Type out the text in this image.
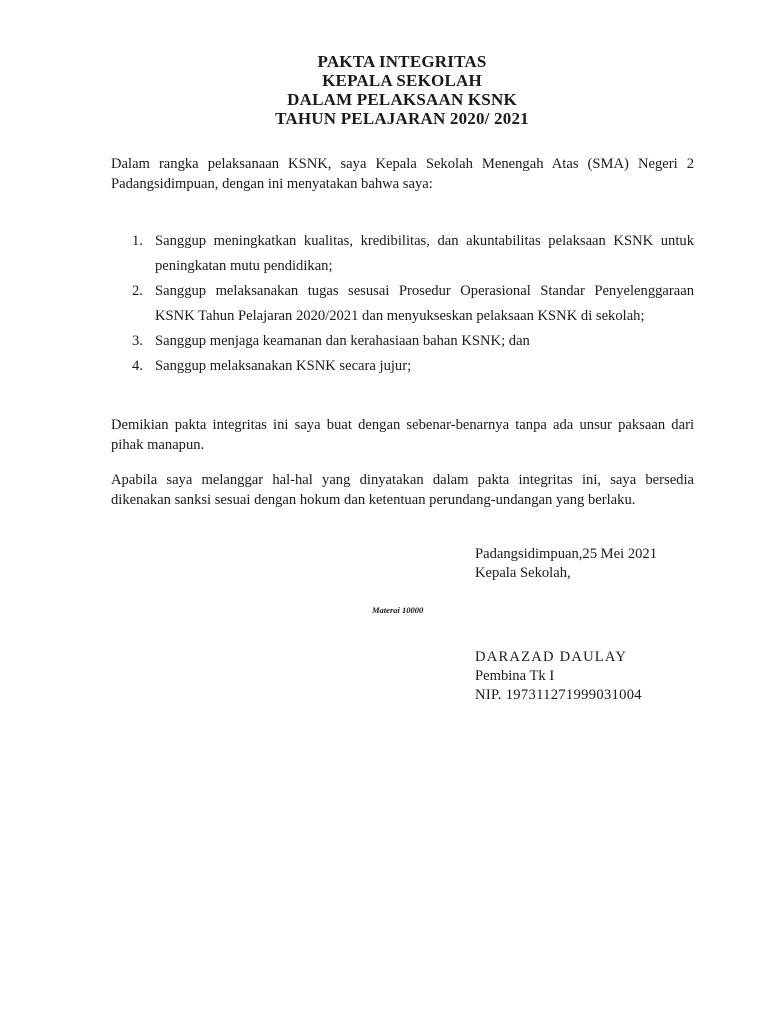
PAKTA INTEGRITAS
KEPALA SEKOLAH
DALAM PELAKSAAN KSNK
TAHUN PELAJARAN 2020/ 2021
Dalam rangka pelaksanaan KSNK, saya Kepala Sekolah Menengah Atas (SMA) Negeri 2 Padangsidimpuan, dengan ini menyatakan bahwa saya:
1. Sanggup meningkatkan kualitas, kredibilitas, dan akuntabilitas pelaksaan KSNK untuk peningkatan mutu pendidikan;
2. Sanggup melaksanakan tugas sesusai Prosedur Operasional Standar Penyelenggaraan KSNK Tahun Pelajaran 2020/2021 dan menyukseskan pelaksaan KSNK di sekolah;
3. Sanggup menjaga keamanan dan kerahasiaan bahan KSNK; dan
4. Sanggup melaksanakan KSNK secara jujur;
Demikian pakta integritas ini saya buat dengan sebenar-benarnya tanpa ada unsur paksaan dari pihak manapun.
Apabila saya melanggar hal-hal yang dinyatakan dalam pakta integritas ini, saya bersedia dikenakan sanksi sesuai dengan hokum dan ketentuan perundang-undangan yang berlaku.
Padangsidimpuan,25 Mei 2021
Kepala Sekolah,
Materai 10000
DARAZAD DAULAY
Pembina Tk I
NIP. 197311271999031004
